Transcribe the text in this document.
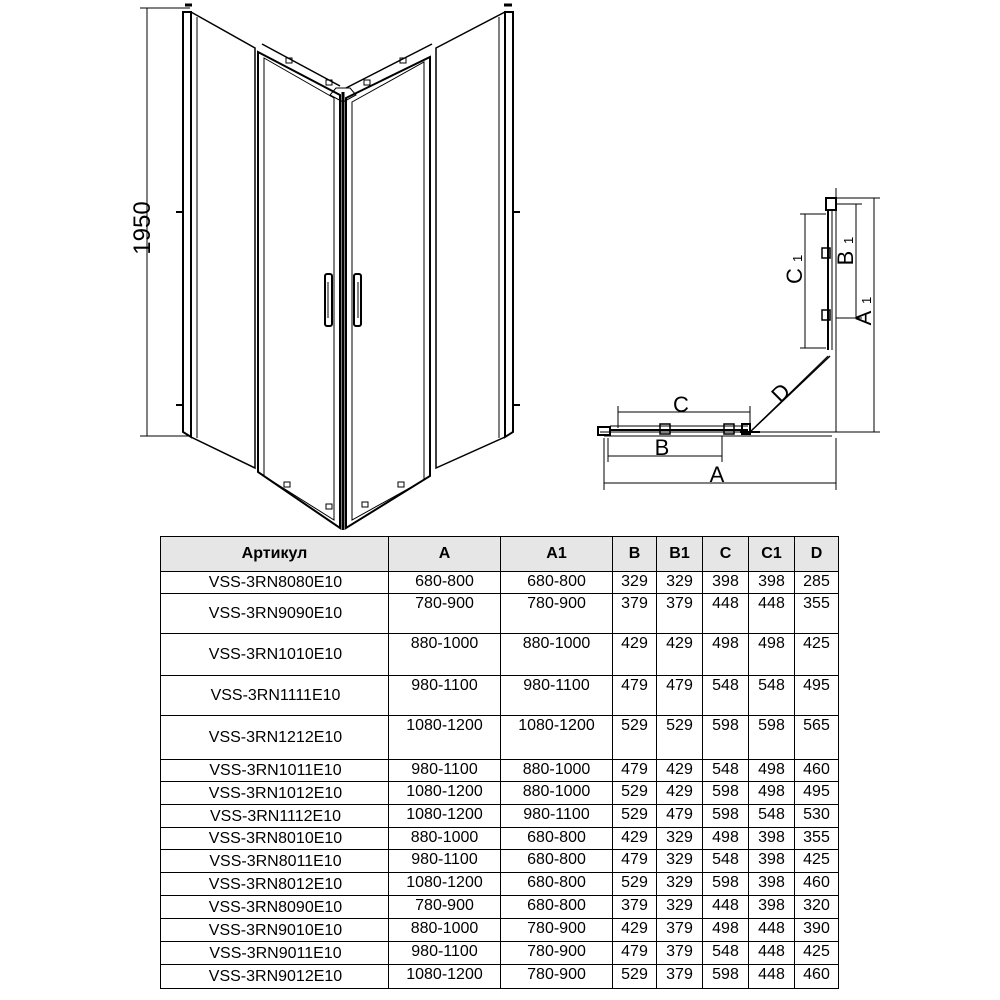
1950
C
B
A
D
C
1 B
1
A
1
Артикул	A	A1	B	B1	C	C1	D
VSS-3RN8080E10	680-800	680-800	329	329	398	398	285
VSS-3RN9090E10	780-900	780-900	379	379	448	448	355
VSS-3RN1010E10	880-1000	880-1000	429	429	498	498	425
VSS-3RN1111E10	980-1100	980-1100	479	479	548	548	495
VSS-3RN1212E10	1080-1200	1080-1200	529	529	598	598	565
VSS-3RN1011E10	980-1100	880-1000	479	429	548	498	460
VSS-3RN1012E10	1080-1200	880-1000	529	429	598	498	495
VSS-3RN1112E10	1080-1200	980-1100	529	479	598	548	530
VSS-3RN8010E10	880-1000	680-800	429	329	498	398	355
VSS-3RN8011E10	980-1100	680-800	479	329	548	398	425
VSS-3RN8012E10	1080-1200	680-800	529	329	598	398	460
VSS-3RN8090E10	780-900	680-800	379	329	448	398	320
VSS-3RN9010E10	880-1000	780-900	429	379	498	448	390
VSS-3RN9011E10	980-1100	780-900	479	379	548	448	425
VSS-3RN9012E10	1080-1200	780-900	529	379	598	448	460
